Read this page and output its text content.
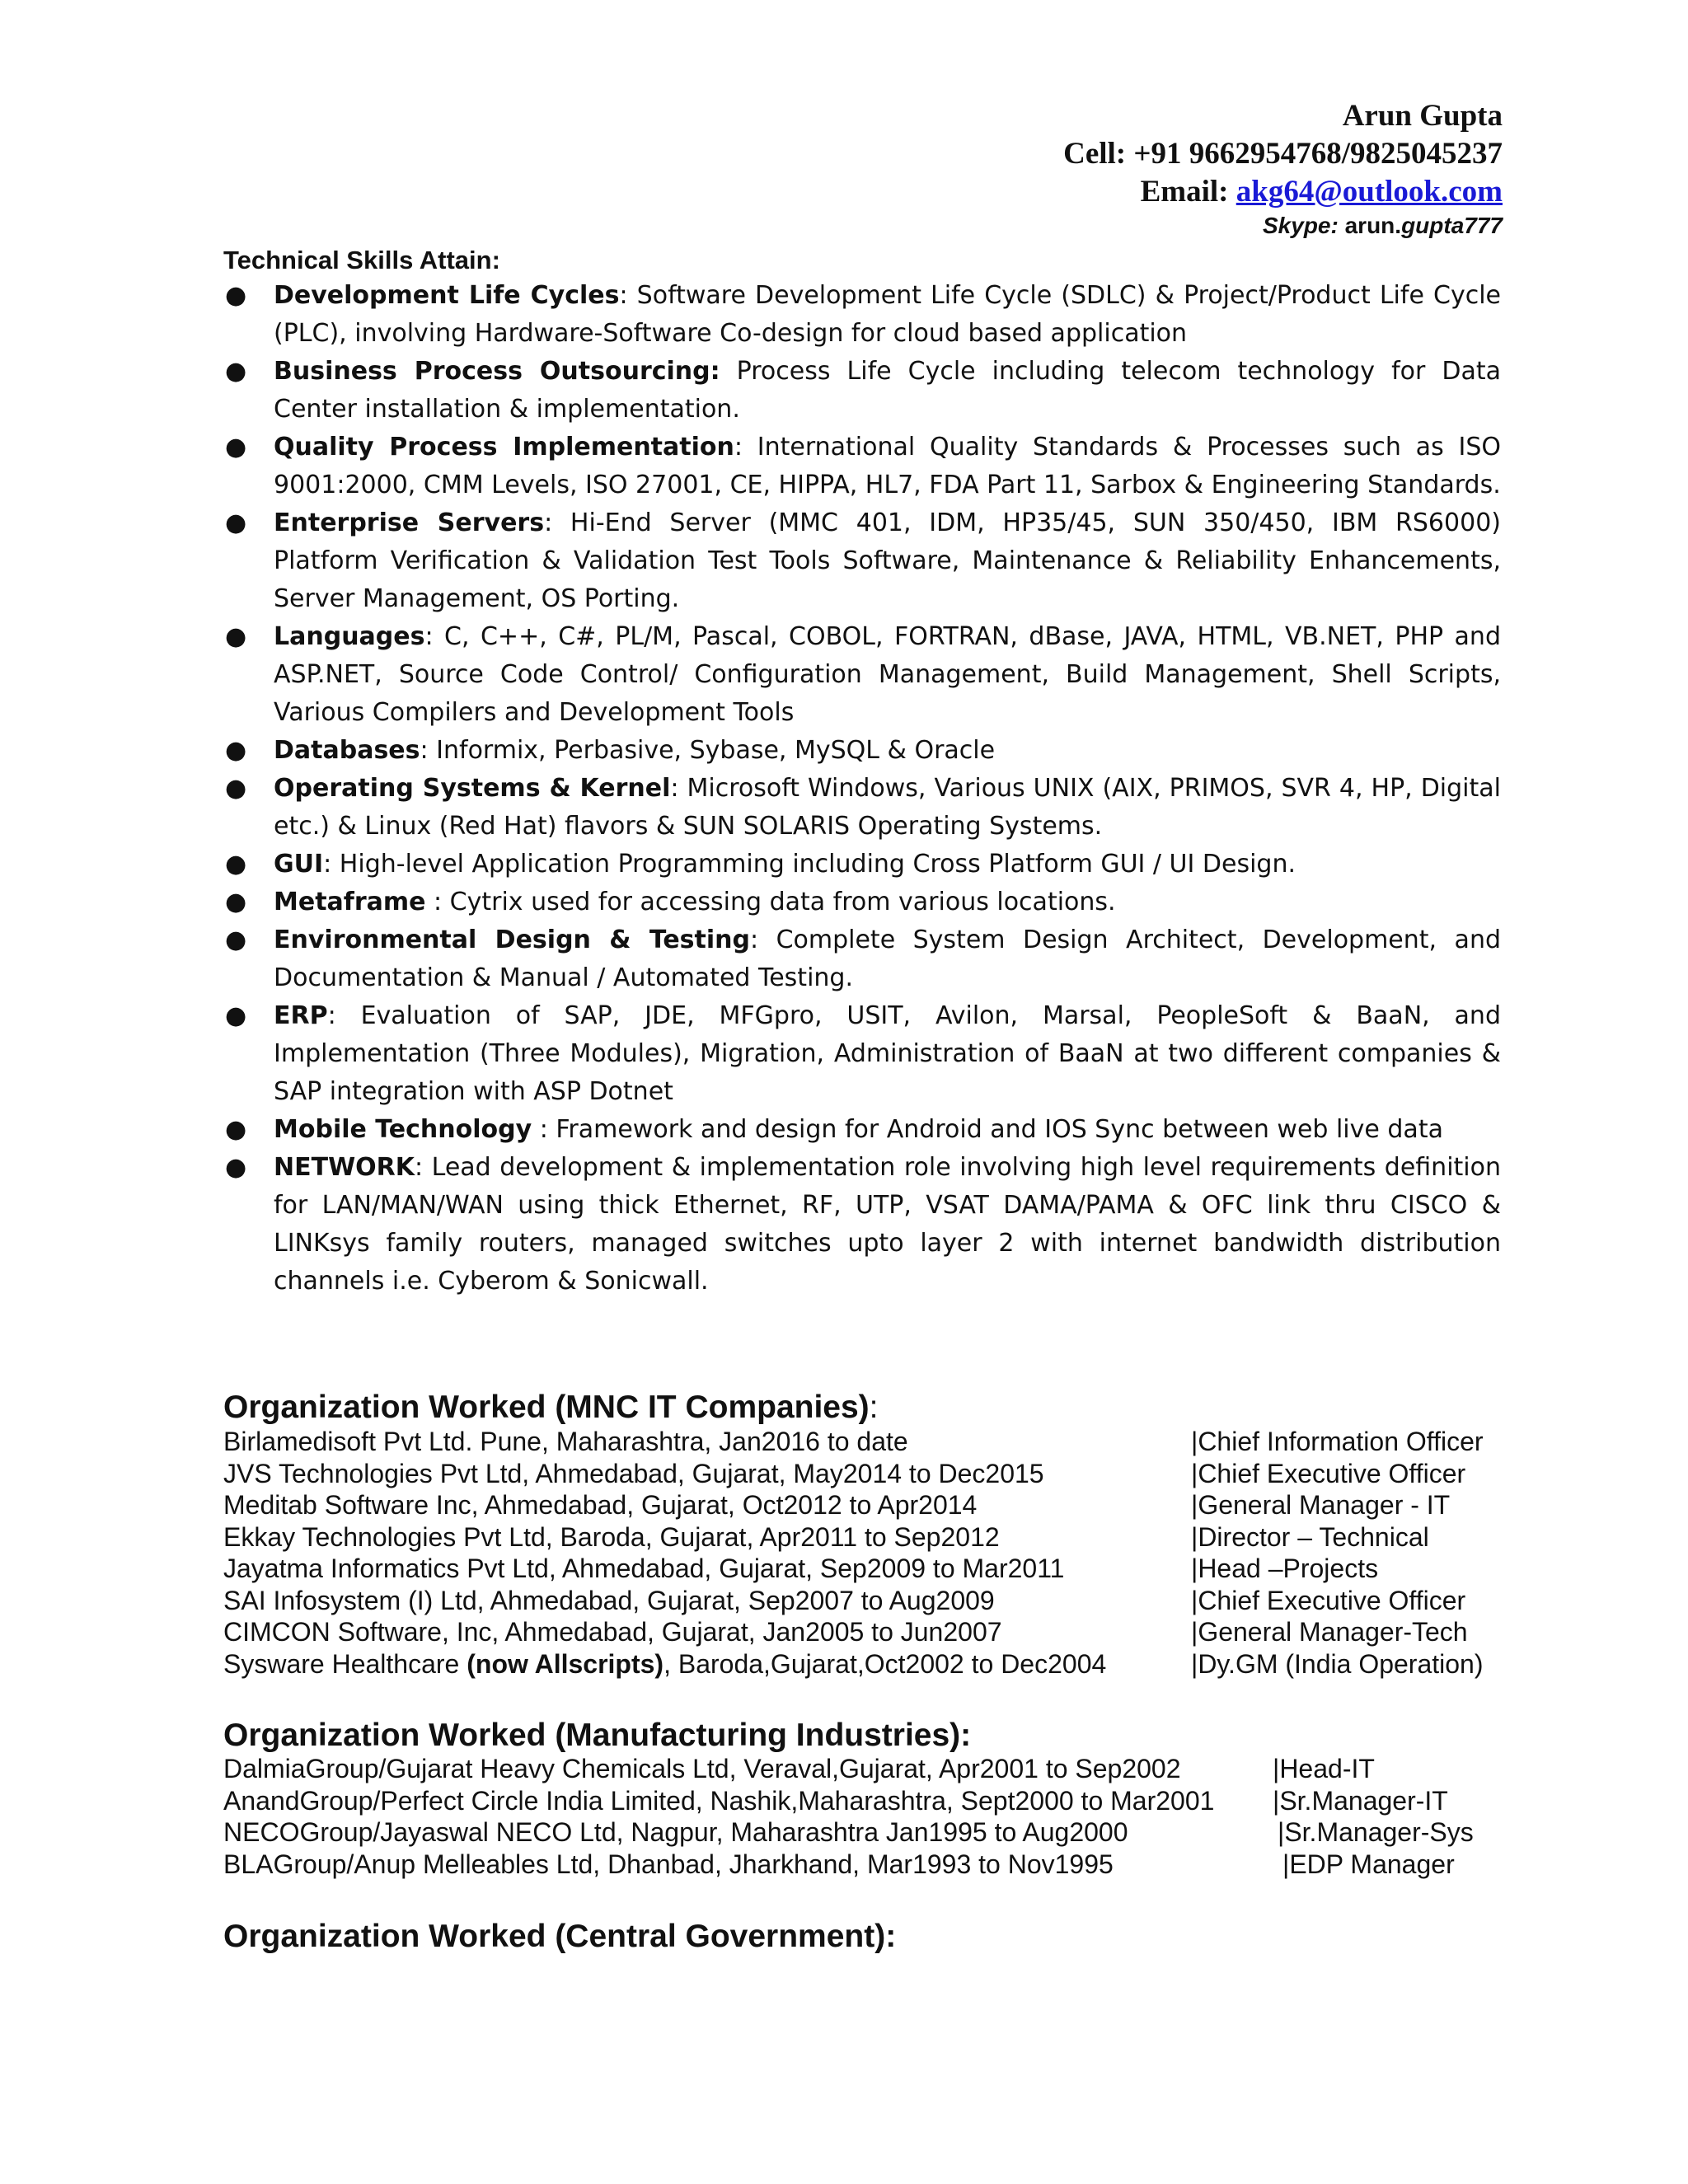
Arun Gupta
Cell: +91 9662954768/9825045237
Email: akg64@outlook.com
Skype: arun.gupta777
Technical Skills Attain:
● Development Life Cycles: Software Development Life Cycle (SDLC) & Project/Product Life Cycle (PLC), involving Hardware-Software Co-design for cloud based application
● Business Process Outsourcing: Process Life Cycle including telecom technology for Data Center installation & implementation.
● Quality Process Implementation: International Quality Standards & Processes such as ISO 9001:2000, CMM Levels, ISO 27001, CE, HIPPA, HL7, FDA Part 11, Sarbox & Engineering Standards.
● Enterprise Servers: Hi-End Server (MMC 401, IDM, HP35/45, SUN 350/450, IBM RS6000) Platform Verification & Validation Test Tools Software, Maintenance & Reliability Enhancements, Server Management, OS Porting.
● Languages: C, C++, C#, PL/M, Pascal, COBOL, FORTRAN, dBase, JAVA, HTML, VB.NET, PHP and ASP.NET, Source Code Control/ Configuration Management, Build Management, Shell Scripts, Various Compilers and Development Tools
● Databases: Informix, Perbasive, Sybase, MySQL & Oracle
● Operating Systems & Kernel: Microsoft Windows, Various UNIX (AIX, PRIMOS, SVR 4, HP, Digital etc.) & Linux (Red Hat) flavors & SUN SOLARIS Operating Systems.
● GUI: High-level Application Programming including Cross Platform GUI / UI Design.
● Metaframe : Cytrix used for accessing data from various locations.
● Environmental Design & Testing: Complete System Design Architect, Development, and Documentation & Manual / Automated Testing.
● ERP: Evaluation of SAP, JDE, MFGpro, USIT, Avilon, Marsal, PeopleSoft & BaaN, and Implementation (Three Modules), Migration, Administration of BaaN at two different companies & SAP integration with ASP Dotnet
● Mobile Technology : Framework and design for Android and IOS Sync between web live data
● NETWORK: Lead development & implementation role involving high level requirements definition for LAN/MAN/WAN using thick Ethernet, RF, UTP, VSAT DAMA/PAMA & OFC link thru CISCO & LINKsys family routers, managed switches upto layer 2 with internet bandwidth distribution channels i.e. Cyberom & Sonicwall.
Organization Worked (MNC IT Companies):
Birlamedisoft Pvt Ltd. Pune, Maharashtra, Jan2016 to date	|Chief Information Officer
JVS Technologies Pvt Ltd, Ahmedabad, Gujarat, May2014 to Dec2015	|Chief Executive Officer
Meditab Software Inc, Ahmedabad, Gujarat, Oct2012 to Apr2014	|General Manager - IT
Ekkay Technologies Pvt Ltd, Baroda, Gujarat, Apr2011 to Sep2012	|Director – Technical
Jayatma Informatics Pvt Ltd, Ahmedabad, Gujarat, Sep2009 to Mar2011	|Head –Projects
SAI Infosystem (I) Ltd, Ahmedabad, Gujarat, Sep2007 to Aug2009	|Chief Executive Officer
CIMCON Software, Inc, Ahmedabad, Gujarat, Jan2005 to Jun2007	|General Manager-Tech
Sysware Healthcare (now Allscripts), Baroda,Gujarat,Oct2002 to Dec2004	|Dy.GM (India Operation)
Organization Worked (Manufacturing Industries):
DalmiaGroup/Gujarat Heavy Chemicals Ltd, Veraval,Gujarat, Apr2001 to Sep2002	|Head-IT
AnandGroup/Perfect Circle India Limited, Nashik,Maharashtra, Sept2000 to Mar2001 |Sr.Manager-IT
NECOGroup/Jayaswal NECO Ltd, Nagpur, Maharashtra Jan1995 to Aug2000	|Sr.Manager-Sys
BLAGroup/Anup Melleables Ltd, Dhanbad, Jharkhand, Mar1993 to Nov1995	|EDP Manager
Organization Worked (Central Government):
